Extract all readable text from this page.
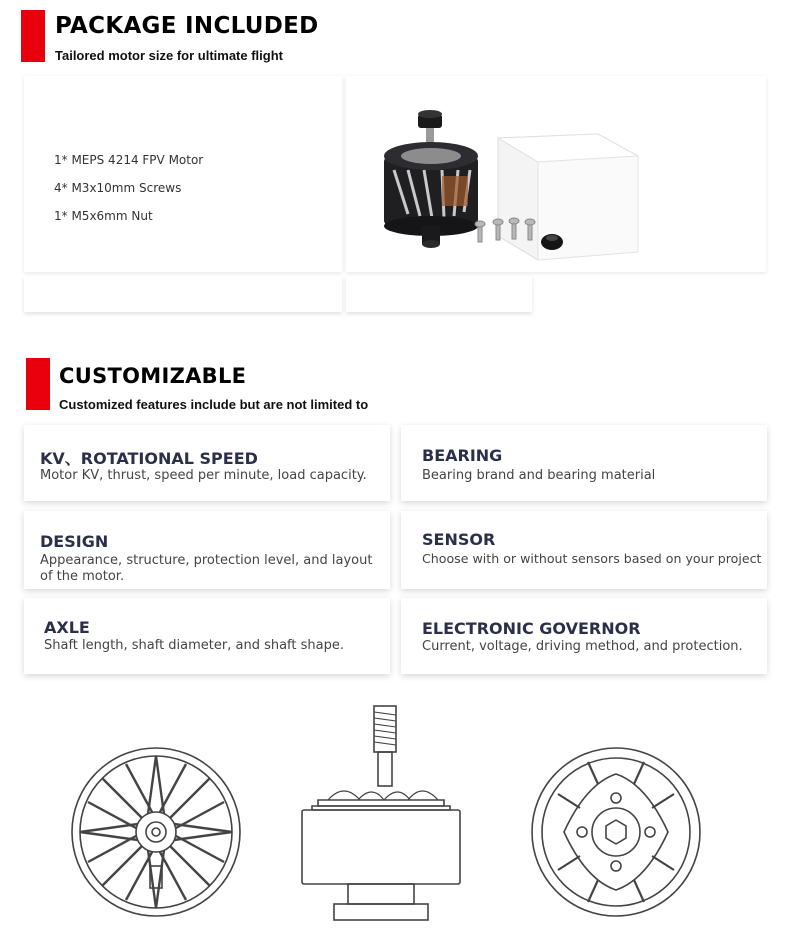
PACKAGE INCLUDED
Tailored motor size for ultimate flight
1* MEPS 4214 FPV Motor
4* M3x10mm Screws
1* M5x6mm Nut
CUSTOMIZABLE
Customized features include but are not limited to
KV、ROTATIONAL SPEED
Motor KV, thrust, speed per minute, load capacity.
BEARING
Bearing brand and bearing material
DESIGN
Appearance, structure, protection level, and layout of the motor.
SENSOR
Choose with or without sensors based on your project
AXLE
Shaft length, shaft diameter, and shaft shape.
ELECTRONIC GOVERNOR
Current, voltage, driving method, and protection.
